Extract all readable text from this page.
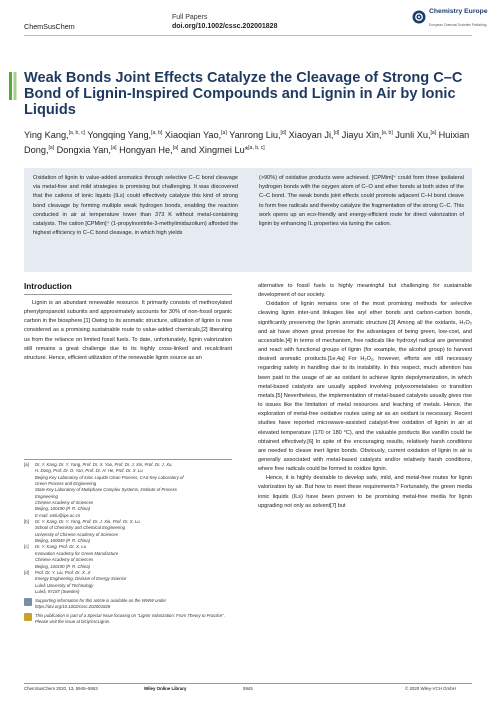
ChemSusChem
Full Papers
doi.org/10.1002/cssc.202001828
Chemistry Europe
European Chemical Societies Publishing
Weak Bonds Joint Effects Catalyze the Cleavage of Strong C–C Bond of Lignin-Inspired Compounds and Lignin in Air by Ionic Liquids
Ying Kang,[a, b, c] Yongqing Yang,[a, b] Xiaoqian Yao,[a] Yanrong Liu,[d] Xiaoyan Ji,[d] Jiayu Xin,[a, b] Junli Xu,[a] Huixian Dong,[a] Dongxia Yan,[a] Hongyan He,[a] and Xingmei Lu*[a, b, c]
Oxidation of lignin to value-added aromatics through selective C–C bond cleavage via metal-free and mild strategies is promising but challenging. It was discovered that the cations of ionic liquids (ILs) could effectively catalyze this kind of strong bond cleavage by forming multiple weak hydrogen bonds, enabling the reaction conducted in air at temperature lower than 373 K without metal-containing catalysts. The cation [CPMim]⁺ (1-propylnonitrile-3-methylimidazolium) afforded the highest efficiency in C–C bond cleavage, in which high yields
(>90%) of oxidative products were achieved. [CPMim]⁺ could form three ipsilateral hydrogen bonds with the oxygen atom of C–O and ether bonds at both sides of the C–C bond. The weak bonds joint effects could promote adjacent C–H bond cleave to form free radicals and thereby catalyze the fragmentation of the strong C–C. This work opens up an eco-friendly and energy-efficient route for direct valorization of lignin by enhancing IL properties via tuning the cation.
Introduction

Lignin is an abundant renewable resource. It primarily consists of methoxylated phenylpropanoid subunits and approximately accounts for 30% of non-fossil organic carbon in the biosphere.[1] Owing to its aromatic structure, utilization of lignin is now considered as a promising sustainable route to value-added chemicals,[2] liberating us from the reliance on limited fossil fuels. To date, unfortunately, lignin valorization still remains a great challenge due to its highly cross-linked and recalcitrant structure. Hence, efficient utilization of the renewable lignin source as an

[a]	Dr. Y. Kang, Dr. Y. Yang, Prof. Dr. X. Yao, Prof. Dr. J. Xin, Prof. Dr. J. Xu,
H. Dong, Prof. Dr. D. Yan, Prof. Dr. H. He, Prof. Dr. X. Lu
Beijing Key Laboratory of Ionic Liquids Clean Process, CAS Key Laboratory of
Green Process and Engineering
State Key Laboratory of Multiphase Complex Systems, Institute of Process
Engineering
Chinese Academy of Sciences
Beijing, 100190 (P. R. China)
E-mail: xmlu@ipe.ac.cn
[b]	Dr. Y. Kang, Dr. Y. Yang, Prof. Dr. J. Xin, Prof. Dr. X. Lu
School of Chemistry and Chemical Engineering
University of Chinese Academy of Sciences
Beijing, 100049 (P. R. China)
[c]	Dr. Y. Kang, Prof. Dr. X. Lu
Innovation Academy for Green Manufacture
Chinese Academy of Sciences
Beijing, 100190 (P. R. China)
[d]	Prof. Dr. Y. Liu, Prof. Dr. X. Ji
Energy Engineering, Division of Energy Science
Luleå University of Technology
Luleå, 97187 (Sweden)
Supporting information for this article is available on the WWW under https://doi.org/10.1002/cssc.202001828
This publication is part of a Special Issue focusing on "Lignin Valorization: From Theory to Practice". Please visit the issue at bit.ly/cscLignin.

alternative to fossil fuels is highly meaningful but challenging for sustainable development of our society.

Oxidation of lignin remains one of the most promising methods for selective cleaving lignin inter-unit linkages like aryl ether bonds and carbon-carbon bonds, significantly preserving the lignin aromatic structure.[3] Among all the oxidants, H₂O₂ and air have shown great promise for the advantages of being green, low-cost, and accessible.[4] In terms of mechanism, free radicals like hydroxyl radical are generated and react with functional groups of lignin (for example, the alcohol group) to harvest desired aromatic products.[1e,4a] For H₂O₂, however, efforts are still necessary regarding safety in handling due to its instability. In this respect, much attention has been paid to the usage of air as oxidant to achieve lignin depolymerization, in which metal-based catalysts are usually applied involving polyoxometalates or transition metals.[5] Nevertheless, the implementation of metal-based catalysts usually gives rise to issues like the limitation of metal resources and leaching of metals. Hence, the exploration of metal-free oxidative routes using air as an oxidant is necessary. Recent studies have reported microwave-assisted catalyst-free oxidation of lignin in air at elevated temperature (170 or 180 °C), and the valuable products like vanillin could be obtained effectively.[6] In spite of the encouraging results, relatively harsh conditions are needed to cleave inert lignin bonds. Obviously, current oxidation of lignin in air is generally associated with metal-based catalysts and/or relatively harsh conditions, where free radicals could be formed to oxidize lignin.

Hence, it is highly desirable to develop safe, mild, and metal-free routes for lignin valorization by air. But how to meet these requirements? Fortunately, the green media ionic liquids (ILs) have been proven to be promising metal-free media for lignin upgrading not only as solvent[7] but

ChemSusChem 2020, 13, 5945–5953	Wiley Online Library	5945	© 2020 Wiley-VCH GmbH
